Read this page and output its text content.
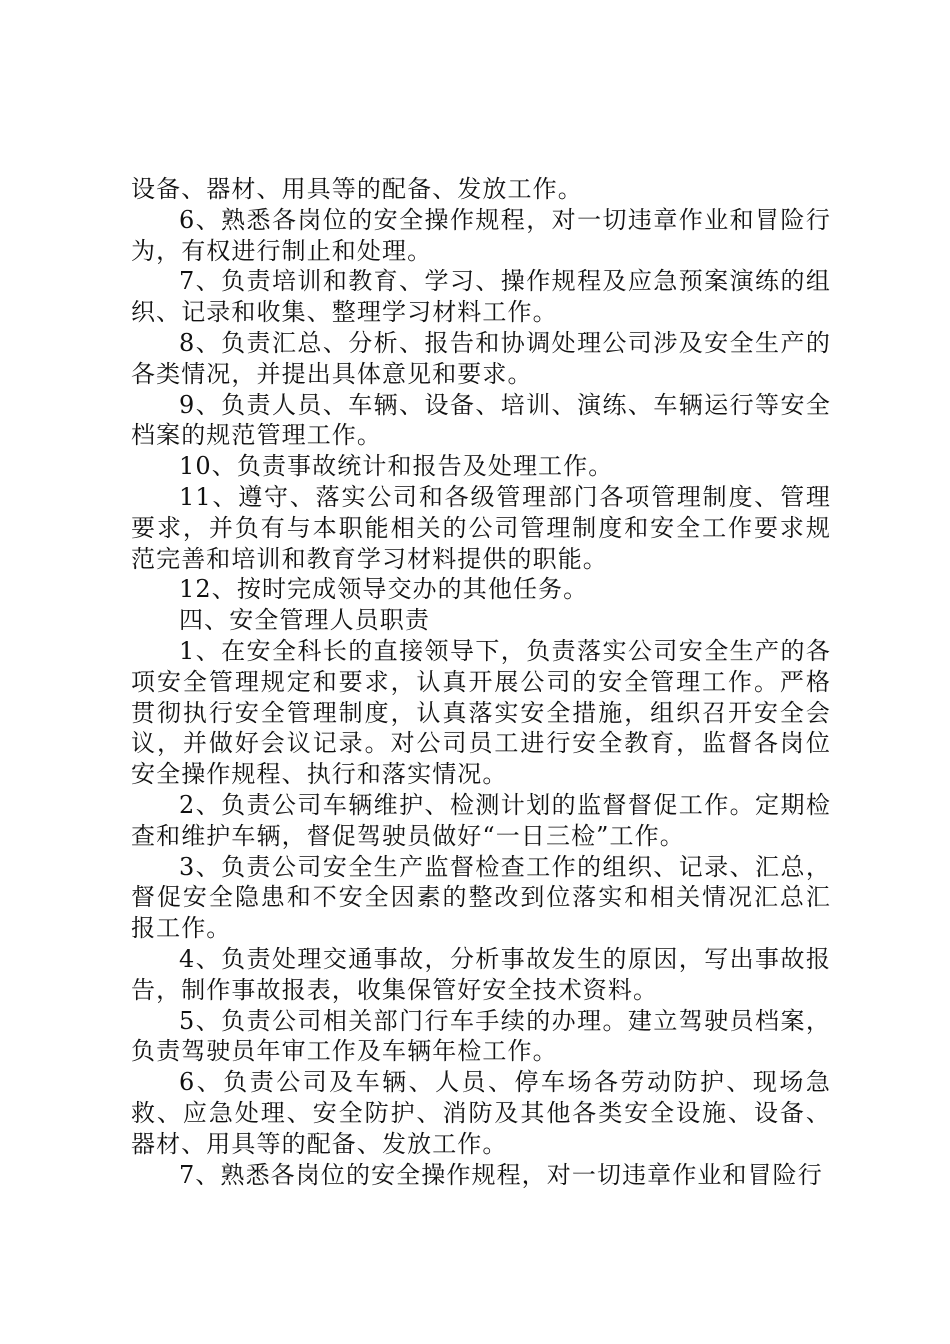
设备、器材、用具等的配备、发放工作。

6、熟悉各岗位的安全操作规程，对一切违章作业和冒险行为，有权进行制止和处理。

7、负责培训和教育、学习、操作规程及应急预案演练的组织、记录和收集、整理学习材料工作。

8、负责汇总、分析、报告和协调处理公司涉及安全生产的各类情况，并提出具体意见和要求。

9、负责人员、车辆、设备、培训、演练、车辆运行等安全档案的规范管理工作。

10、负责事故统计和报告及处理工作。

11、遵守、落实公司和各级管理部门各项管理制度、管理要求，并负有与本职能相关的公司管理制度和安全工作要求规范完善和培训和教育学习材料提供的职能。

12、按时完成领导交办的其他任务。

四、安全管理人员职责

1、在安全科长的直接领导下，负责落实公司安全生产的各项安全管理规定和要求，认真开展公司的安全管理工作。严格贯彻执行安全管理制度，认真落实安全措施，组织召开安全会议，并做好会议记录。对公司员工进行安全教育，监督各岗位安全操作规程、执行和落实情况。

2、负责公司车辆维护、检测计划的监督督促工作。定期检查和维护车辆，督促驾驶员做好“一日三检”工作。

3、负责公司安全生产监督检查工作的组织、记录、汇总，督促安全隐患和不安全因素的整改到位落实和相关情况汇总汇报工作。

4、负责处理交通事故，分析事故发生的原因，写出事故报告，制作事故报表，收集保管好安全技术资料。

5、负责公司相关部门行车手续的办理。建立驾驶员档案，负责驾驶员年审工作及车辆年检工作。

6、负责公司及车辆、人员、停车场各劳动防护、现场急救、应急处理、安全防护、消防及其他各类安全设施、设备、器材、用具等的配备、发放工作。

7、熟悉各岗位的安全操作规程，对一切违章作业和冒险行
